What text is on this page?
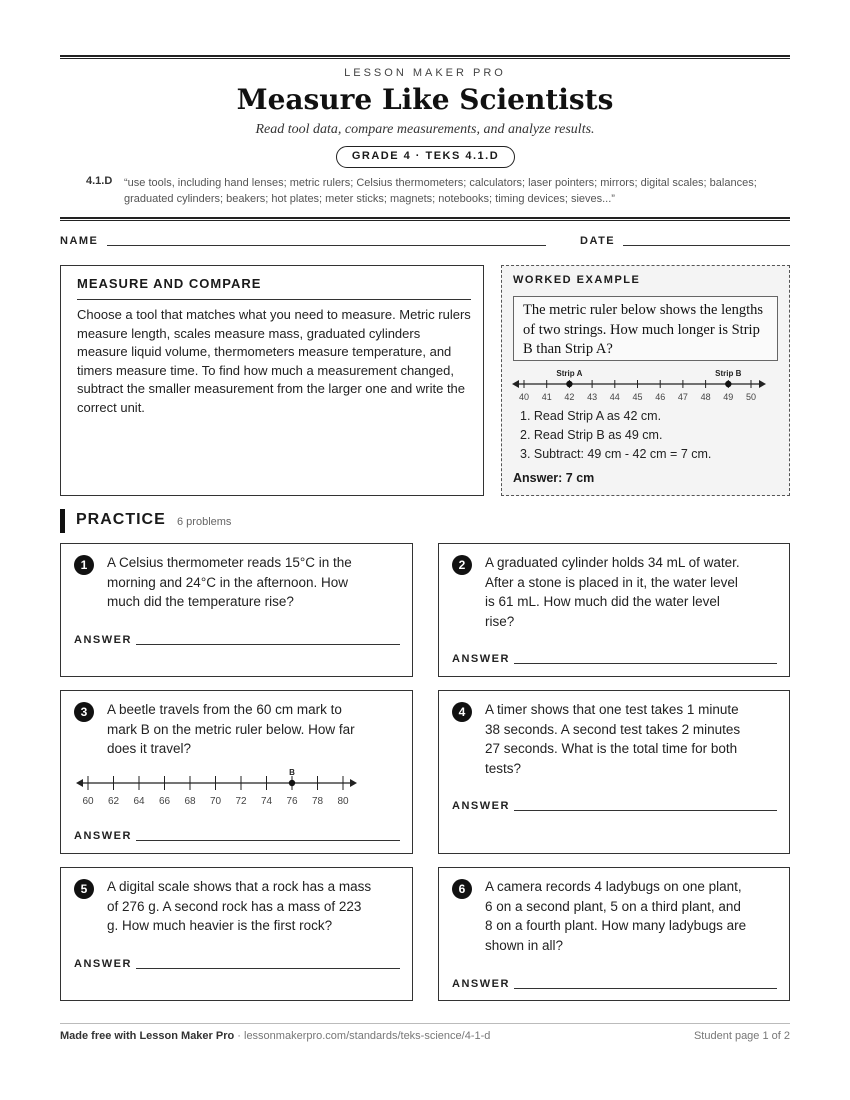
LESSON MAKER PRO
Measure Like Scientists
Read tool data, compare measurements, and analyze results.
GRADE 4 · TEKS 4.1.D
4.1.D “use tools, including hand lenses; metric rulers; Celsius thermometers; calculators; laser pointers; mirrors; digital scales; balances; graduated cylinders; beakers; hot plates; meter sticks; magnets; notebooks; timing devices; sieves...”
NAME	DATE
MEASURE AND COMPARE
Choose a tool that matches what you need to measure. Metric rulers measure length, scales measure mass, graduated cylinders measure liquid volume, thermometers measure temperature, and timers measure time. To find how much a measurement changed, subtract the smaller measurement from the larger one and write the correct unit.
WORKED EXAMPLE
The metric ruler below shows the lengths of two strings. How much longer is Strip B than Strip A?
40 41 42 43 44 45 46 47 48 49 50
Strip A	Strip B
1. Read Strip A as 42 cm.
2. Read Strip B as 49 cm.
3. Subtract: 49 cm - 42 cm = 7 cm.
Answer: 7 cm
PRACTICE 6 problems
1	A Celsius thermometer reads 15°C in the
morning and 24°C in the afternoon. How
much did the temperature rise?
ANSWER
2	A graduated cylinder holds 34 mL of water.
After a stone is placed in it, the water level
is 61 mL. How much did the water level
rise?
ANSWER
3	A beetle travels from the 60 cm mark to
mark B on the metric ruler below. How far
does it travel?
60 62 64 66 68 70 72 74 76 78 80
B
ANSWER
4	A timer shows that one test takes 1 minute
38 seconds. A second test takes 2 minutes
27 seconds. What is the total time for both
tests?
ANSWER
5	A digital scale shows that a rock has a mass
of 276 g. A second rock has a mass of 223
g. How much heavier is the first rock?
ANSWER
6	A camera records 4 ladybugs on one plant,
6 on a second plant, 5 on a third plant, and
8 on a fourth plant. How many ladybugs are
shown in all?
ANSWER
Made free with Lesson Maker Pro · lessonmakerpro.com/standards/teks-science/4-1-d	Student page 1 of 2
